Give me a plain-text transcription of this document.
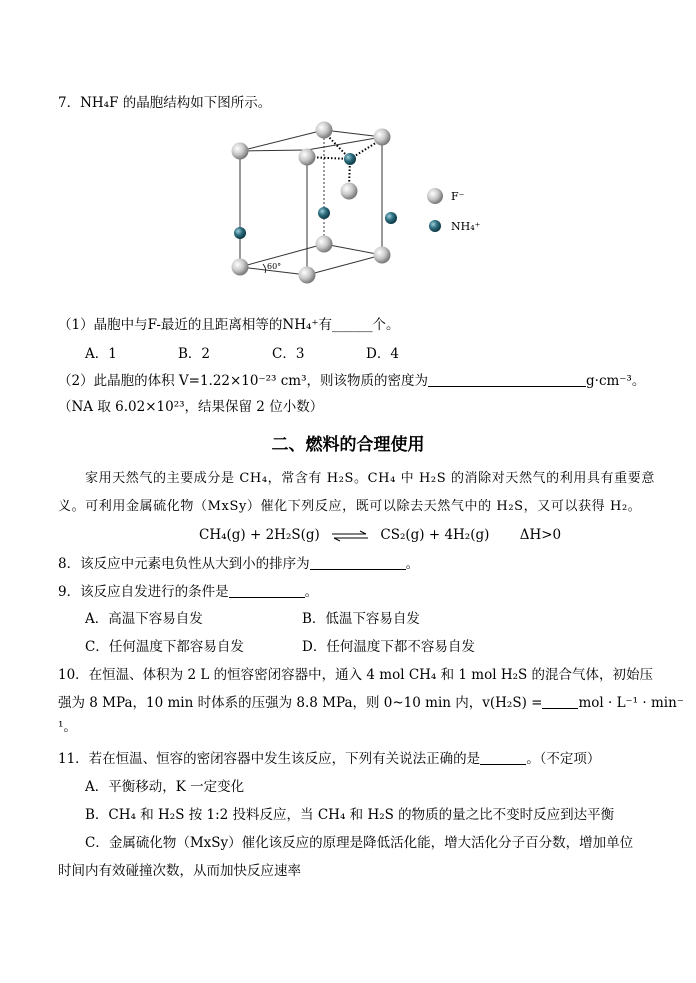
7．NH₄F 的晶胞结构如下图所示。
60°
F⁻
NH₄⁺
（1）晶胞中与F-最近的且距离相等的NH₄⁺有______个。
A．1	B．2	C．3	D．4
（2）此晶胞的体积 V=1.22×10⁻²³ cm³，则该物质的密度为	g·cm⁻³。
（NA 取 6.02×10²³，结果保留 2 位小数）
二、燃料的合理使用
家用天然气的主要成分是 CH₄，常含有 H₂S。CH₄ 中 H₂S 的消除对天然气的利用具有重要意
义。可利用金属硫化物（MxSy）催化下列反应，既可以除去天然气中的 H₂S，又可以获得 H₂。
CH₄(g) + 2H₂S(g) ⇌ CS₂(g) + 4H₂(g) ΔH>0
8．该反应中元素电负性从大到小的排序为	。
9．该反应自发进行的条件是	。
A．高温下容易自发	B．低温下容易自发
C．任何温度下都容易自发	D．任何温度下都不容易自发
10．在恒温、体积为 2 L 的恒容密闭容器中，通入 4 mol CH₄ 和 1 mol H₂S 的混合气体，初始压
强为 8 MPa，10 min 时体系的压强为 8.8 MPa，则 0~10 min 内，v(H₂S) =	mol · L⁻¹ · min⁻
¹。
11．若在恒温、恒容的密闭容器中发生该反应，下列有关说法正确的是	。（不定项）
A．平衡移动，K 一定变化
B．CH₄ 和 H₂S 按 1:2 投料反应，当 CH₄ 和 H₂S 的物质的量之比不变时反应到达平衡
C．金属硫化物（MxSy）催化该反应的原理是降低活化能，增大活化分子百分数，增加单位
时间内有效碰撞次数，从而加快反应速率
